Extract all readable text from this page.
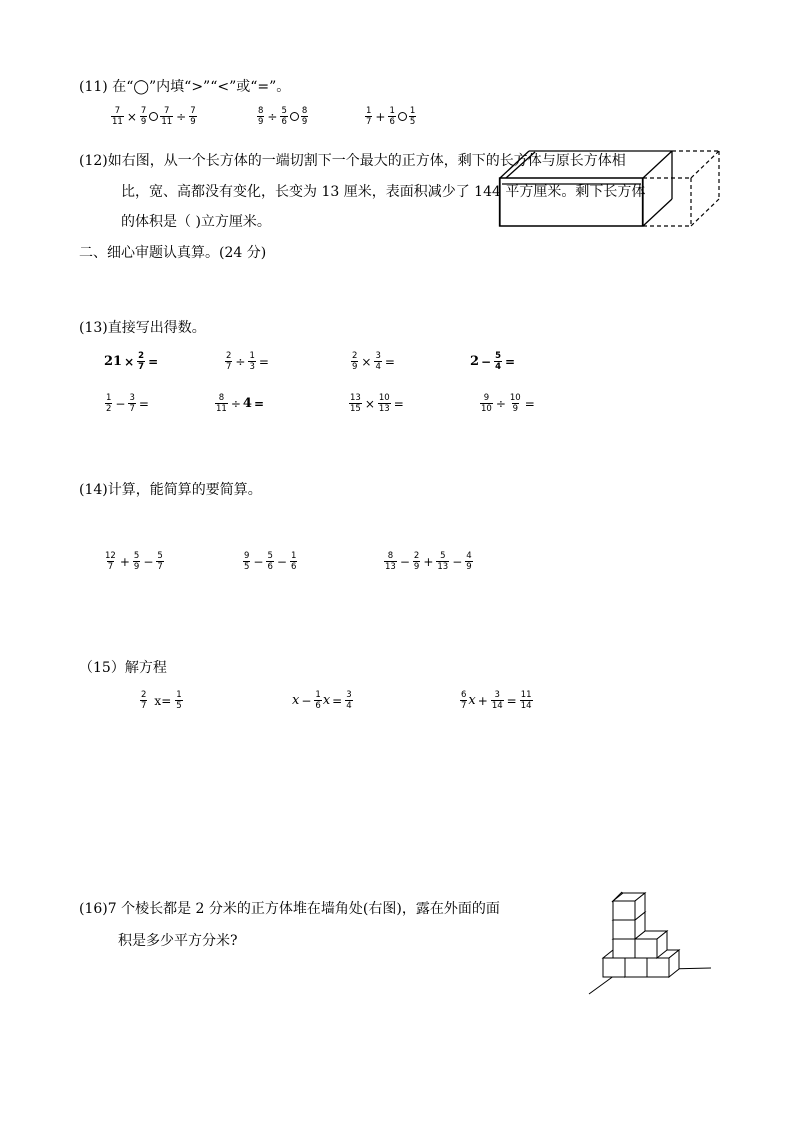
(11) 在“◯”内填“>”“<”或“=”。
$\frac{7}{11} \times \frac{7}{9} \frac{7}{11} \div \frac{7}{9}$	$\frac{8}{9} \div \frac{5}{6} \frac{8}{9}$	$\frac{1}{7} + \frac{1}{6} \frac{1}{5}$
(12)如右图，从一个长方体的一端切割下一个最大的正方体，剩下的长方体与原长方体相
比，宽、高都没有变化，长变为 13 厘米，表面积减少了 144 平方厘米。剩下长方体
的体积是（ )立方厘米。
二、细心审题认真算。(24 分)
(13)直接写出得数。
$21 \times \frac{2}{7}$ =	$\frac{2}{7} \div \frac{1}{3}$ =	$\frac{2}{9} \times \frac{3}{4}$ =	$2 - \frac{5}{4}$ =
$\frac{1}{2} - \frac{3}{7}$ =	$\frac{8}{11} \div 4$ =	$\frac{13}{15} \times \frac{10}{13}$ =	$\frac{9}{10} \div \frac{10}{9}$ =
(14)计算，能简算的要简算。
$\frac{12}{7} + \frac{5}{9} - \frac{5}{7}$	$\frac{9}{5} - \frac{5}{6} - \frac{1}{6}$	$\frac{8}{13} - \frac{2}{9} + \frac{5}{13} - \frac{4}{9}$
（15）解方程
$\frac{2}{7} x= \frac{1}{5}$	$x - \frac{1}{6}$ $x = \frac{3}{4}$	$\frac{6}{7}$ $x + \frac{3}{14} = \frac{11}{14}$
(16)7 个棱长都是 2 分米的正方体堆在墙角处(右图)，露在外面的面
积是多少平方分米?
